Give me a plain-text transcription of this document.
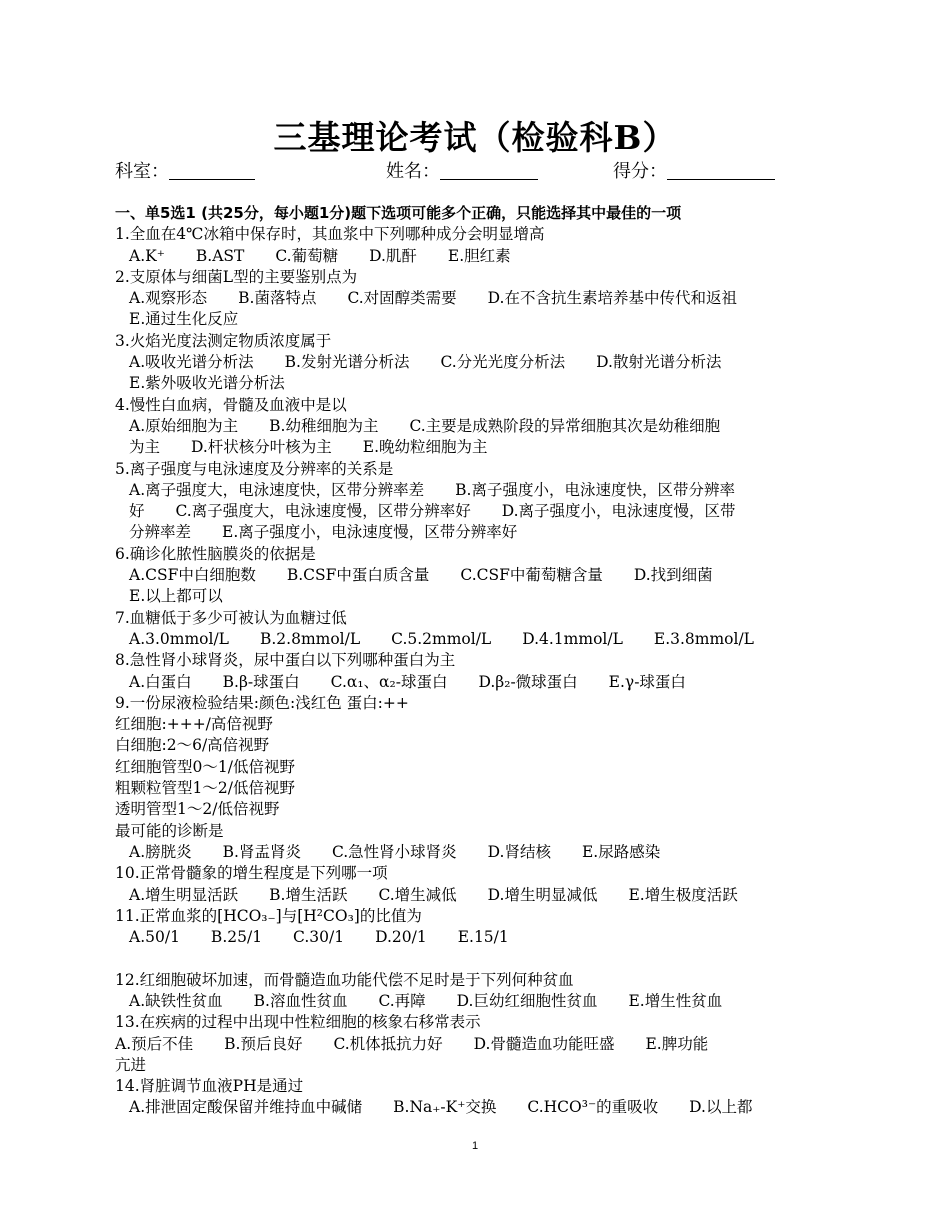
三基理论考试（检验科B）
科室：	姓名：	得分：
一、单5选1 (共25分，每小题1分)题下选项可能多个正确，只能选择其中最佳的一项
1.全血在4℃冰箱中保存时，其血浆中下列哪种成分会明显增高
A.K⁺　　B.AST　　C.葡萄糖　　D.肌酐　　E.胆红素
2.支原体与细菌L型的主要鉴别点为
A.观察形态　　B.菌落特点　　C.对固醇类需要　　D.在不含抗生素培养基中传代和返祖
E.通过生化反应
3.火焰光度法测定物质浓度属于
A.吸收光谱分析法　　B.发射光谱分析法　　C.分光光度分析法　　D.散射光谱分析法
E.紫外吸收光谱分析法
4.慢性白血病，骨髓及血液中是以
A.原始细胞为主　　B.幼稚细胞为主　　C.主要是成熟阶段的异常细胞其次是幼稚细胞
为主　　D.杆状核分叶核为主　　E.晚幼粒细胞为主
5.离子强度与电泳速度及分辨率的关系是
A.离子强度大，电泳速度快，区带分辨率差　　B.离子强度小，电泳速度快，区带分辨率
好　　C.离子强度大，电泳速度慢，区带分辨率好　　D.离子强度小，电泳速度慢，区带
分辨率差　　E.离子强度小，电泳速度慢，区带分辨率好
6.确诊化脓性脑膜炎的依据是
A.CSF中白细胞数　　B.CSF中蛋白质含量　　C.CSF中葡萄糖含量　　D.找到细菌
E.以上都可以
7.血糖低于多少可被认为血糖过低
A.3.0mmol/L　　B.2.8mmol/L　　C.5.2mmol/L　　D.4.1mmol/L　　E.3.8mmol/L
8.急性肾小球肾炎，尿中蛋白以下列哪种蛋白为主
A.白蛋白　　B.β-球蛋白　　C.α₁、α₂-球蛋白　　D.β₂-微球蛋白　　E.γ-球蛋白
9.一份尿液检验结果:颜色:浅红色 蛋白:++
红细胞:+++/高倍视野
白细胞:2～6/高倍视野
红细胞管型0～1/低倍视野
粗颗粒管型1～2/低倍视野
透明管型1～2/低倍视野
最可能的诊断是
A.膀胱炎　　B.肾盂肾炎　　C.急性肾小球肾炎　　D.肾结核　　E.尿路感染
10.正常骨髓象的增生程度是下列哪一项
A.增生明显活跃　　B.增生活跃　　C.增生减低　　D.增生明显减低　　E.增生极度活跃
11.正常血浆的[HCO₃₋]与[H²CO₃]的比值为
A.50/1　　B.25/1　　C.30/1　　D.20/1　　E.15/1
12.红细胞破坏加速，而骨髓造血功能代偿不足时是于下列何种贫血
A.缺铁性贫血　　B.溶血性贫血　　C.再障　　D.巨幼红细胞性贫血　　E.增生性贫血
13.在疾病的过程中出现中性粒细胞的核象右移常表示
A.预后不佳　　B.预后良好　　C.机体抵抗力好　　D.骨髓造血功能旺盛　　E.脾功能
亢进
14.肾脏调节血液PH是通过
A.排泄固定酸保留并维持血中碱储　　B.Na₊-K⁺交换　　C.HCO³⁻的重吸收　　D.以上都
1
